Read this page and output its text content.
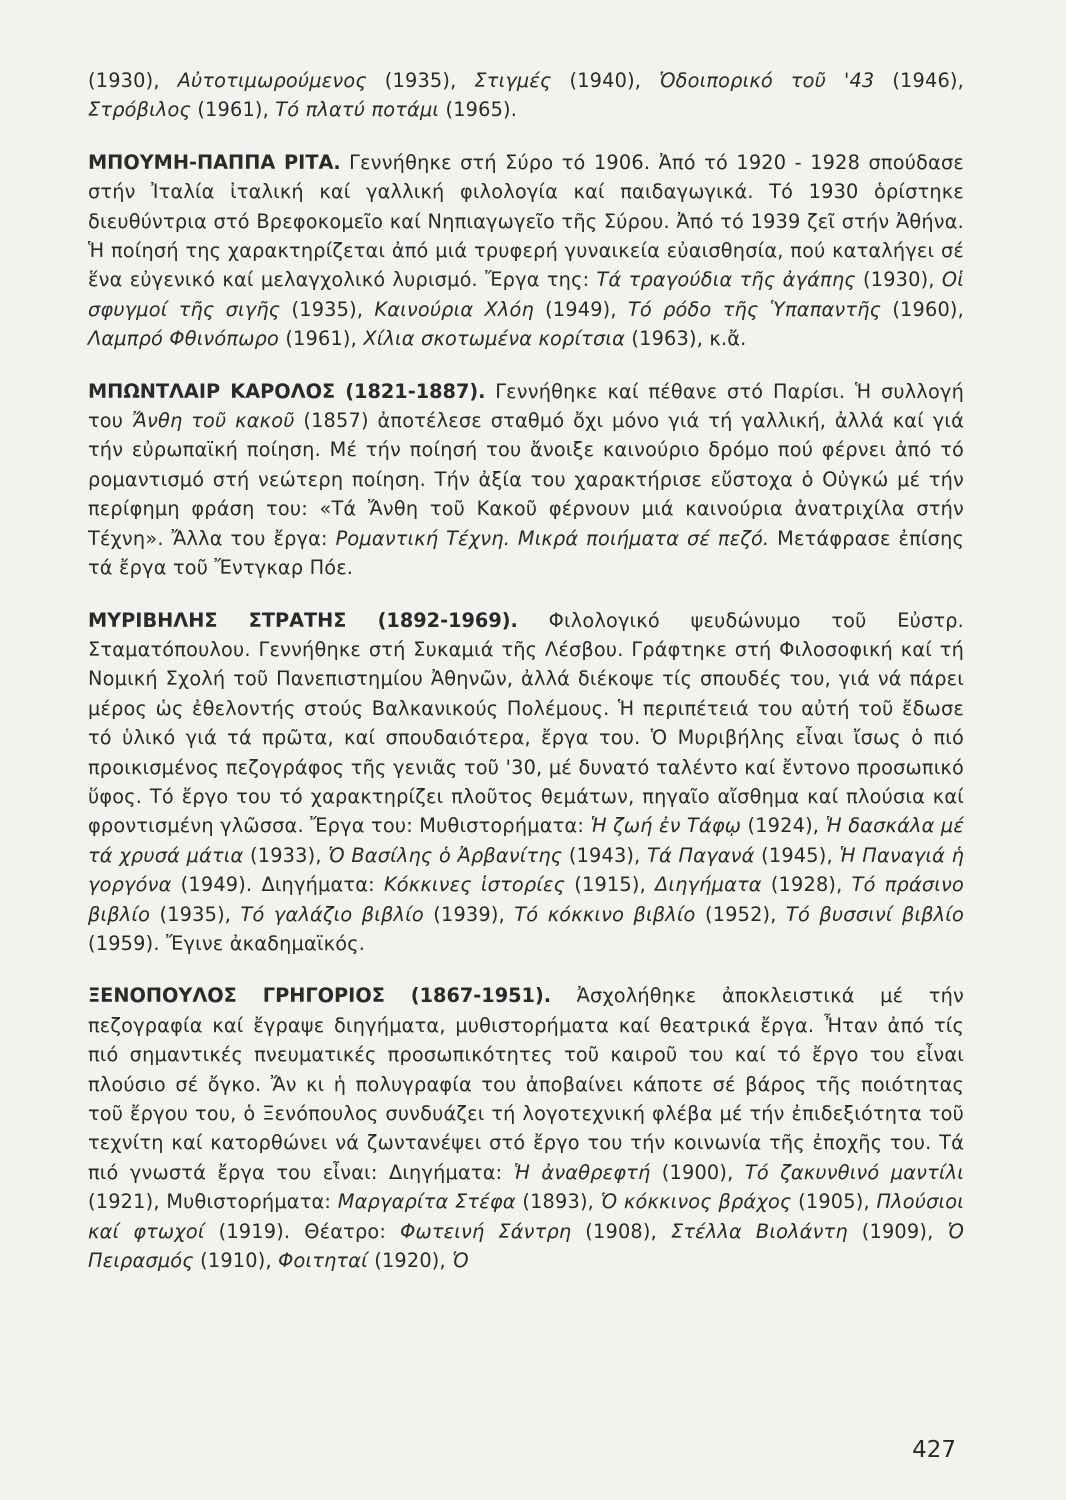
(1930), Αὐτοτιμωρούμενος (1935), Στιγμές (1940), Ὁδοιπορικό τοῦ '43 (1946), Στρόβιλος (1961), Τό πλατύ ποτάμι (1965).

ΜΠΟΥΜΗ-ΠΑΠΠΑ ΡΙΤΑ. Γεννήθηκε στή Σύρο τό 1906. Ἀπό τό 1920 - 1928 σπούδασε στήν Ἰταλία ἰταλική καί γαλλική φιλολογία καί παιδαγωγικά. Τό 1930 ὁρίστηκε διευθύντρια στό Βρεφοκομεῖο καί Νηπιαγωγεῖο τῆς Σύρου. Ἀπό τό 1939 ζεῖ στήν Ἀθήνα. Ἡ ποίησή της χαρακτηρίζεται ἀπό μιά τρυφερή γυναικεία εὐαισθησία, πού καταλήγει σέ ἕνα εὐγενικό καί μελαγχολικό λυρισμό. Ἔργα της: Τά τραγούδια τῆς ἀγάπης (1930), Οἱ σφυγμοί τῆς σιγῆς (1935), Καινούρια Χλόη (1949), Τό ρόδο τῆς Ὑπαπαντῆς (1960), Λαμπρό Φθινόπωρο (1961), Χίλια σκοτωμένα κορίτσια (1963), κ.ἄ.

ΜΠΩΝΤΛΑΙΡ ΚΑΡΟΛΟΣ (1821-1887). Γεννήθηκε καί πέθανε στό Παρίσι. Ἡ συλλογή του Ἄνθη τοῦ κακοῦ (1857) ἀποτέλεσε σταθμό ὄχι μόνο γιά τή γαλλική, ἀλλά καί γιά τήν εὐρωπαϊκή ποίηση. Μέ τήν ποίησή του ἄνοιξε καινούριο δρόμο πού φέρνει ἀπό τό ρομαντισμό στή νεώτερη ποίηση. Τήν ἀξία του χαρακτήρισε εὔστοχα ὁ Οὐγκώ μέ τήν περίφημη φράση του: «Τά Ἄνθη τοῦ Κακοῦ φέρνουν μιά καινούρια ἀνατριχίλα στήν Τέχνη». Ἄλλα του ἔργα: Ρομαντική Τέχνη. Μικρά ποιήματα σέ πεζό. Μετάφρασε ἐπίσης τά ἔργα τοῦ Ἔντγκαρ Πόε.

ΜΥΡΙΒΗΛΗΣ ΣΤΡΑΤΗΣ (1892-1969). Φιλολογικό ψευδώνυμο τοῦ Εὐστρ. Σταματόπουλου. Γεννήθηκε στή Συκαμιά τῆς Λέσβου. Γράφτηκε στή Φιλοσοφική καί τή Νομική Σχολή τοῦ Πανεπιστημίου Ἀθηνῶν, ἀλλά διέκοψε τίς σπουδές του, γιά νά πάρει μέρος ὡς ἐθελοντής στούς Βαλκανικούς Πολέμους. Ἡ περιπέτειά του αὐτή τοῦ ἔδωσε τό ὑλικό γιά τά πρῶτα, καί σπουδαιότερα, ἔργα του. Ὁ Μυριβήλης εἶναι ἴσως ὁ πιό προικισμένος πεζογράφος τῆς γενιᾶς τοῦ '30, μέ δυνατό ταλέντο καί ἔντονο προσωπικό ὕφος. Τό ἔργο του τό χαρακτηρίζει πλοῦτος θεμάτων, πηγαῖο αἴσθημα καί πλούσια καί φροντισμένη γλῶσσα. Ἔργα του: Μυθιστορήματα: Ἡ ζωή ἐν Τάφῳ (1924), Ἡ δασκάλα μέ τά χρυσά μάτια (1933), Ὁ Βασίλης ὁ Ἀρβανίτης (1943), Τά Παγανά (1945), Ἡ Παναγιά ἡ γοργόνα (1949). Διηγήματα: Κόκκινες ἱστορίες (1915), Διηγήματα (1928), Τό πράσινο βιβλίο (1935), Τό γαλάζιο βιβλίο (1939), Τό κόκκινο βιβλίο (1952), Τό βυσσινί βιβλίο (1959). Ἔγινε ἀκαδημαϊκός.

ΞΕΝΟΠΟΥΛΟΣ ΓΡΗΓΟΡΙΟΣ (1867-1951). Ἀσχολήθηκε ἀποκλειστικά μέ τήν πεζογραφία καί ἔγραψε διηγήματα, μυθιστορήματα καί θεατρικά ἔργα. Ἦταν ἀπό τίς πιό σημαντικές πνευματικές προσωπικότητες τοῦ καιροῦ του καί τό ἔργο του εἶναι πλούσιο σέ ὄγκο. Ἄν κι ἡ πολυγραφία του ἀποβαίνει κάποτε σέ βάρος τῆς ποιότητας τοῦ ἔργου του, ὁ Ξενόπουλος συνδυάζει τή λογοτεχνική φλέβα μέ τήν ἐπιδεξιότητα τοῦ τεχνίτη καί κατορθώνει νά ζωντανέψει στό ἔργο του τήν κοινωνία τῆς ἐποχῆς του. Τά πιό γνωστά ἔργα του εἶναι: Διηγήματα: Ἡ ἀναθρεφτή (1900), Τό ζακυνθινό μαντίλι (1921), Μυθιστορήματα: Μαργαρίτα Στέφα (1893), Ὁ κόκκινος βράχος (1905), Πλούσιοι καί φτωχοί (1919). Θέατρο: Φωτεινή Σάντρη (1908), Στέλλα Βιολάντη (1909), Ὁ Πειρασμός (1910), Φοιτηταί (1920), Ὁ

427
